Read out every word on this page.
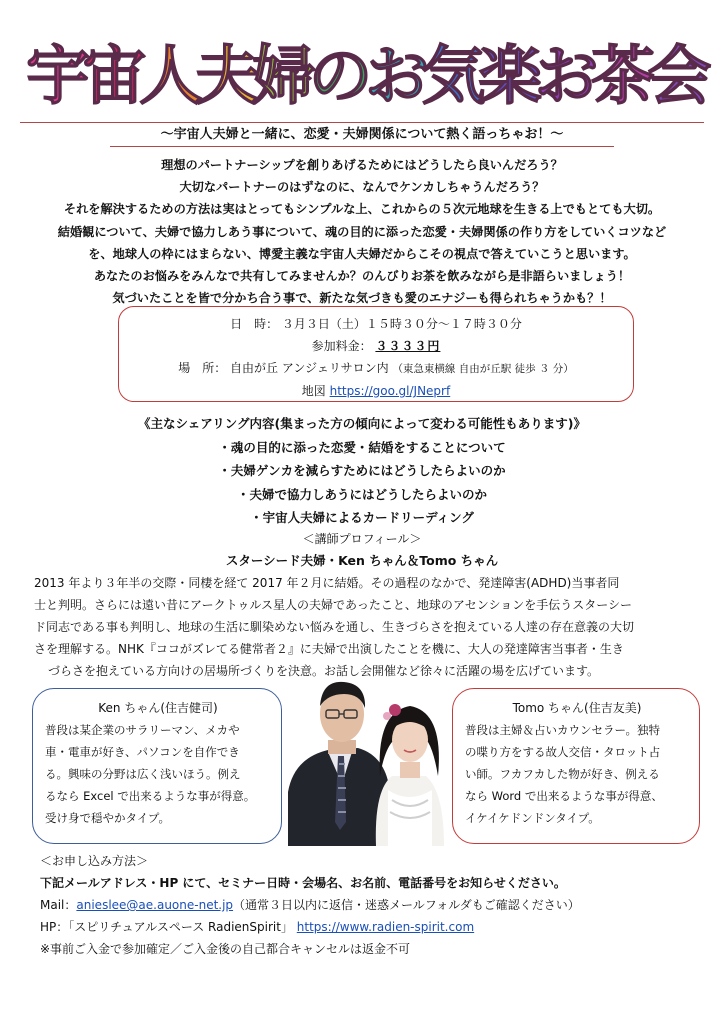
宇
宙
人
夫
婦
の
お
気
楽
お
茶
会
～宇宙人夫婦と一緒に、恋愛・夫婦関係について熱く語っちゃお！～
理想のパートナーシップを創りあげるためにはどうしたら良いんだろう？
大切なパートナーのはずなのに、なんでケンカしちゃうんだろう？
それを解決するための方法は実はとってもシンプルな上、これからの５次元地球を生きる上でもとても大切。
結婚観について、夫婦で協力しあう事について、魂の目的に添った恋愛・夫婦関係の作り方をしていくコツなど
を、地球人の枠にはまらない、博愛主義な宇宙人夫婦だからこその視点で答えていこうと思います。
あなたのお悩みをみんなで共有してみませんか？のんびりお茶を飲みながら是非語らいましょう！
気づいたことを皆で分かち合う事で、新たな気づきも愛のエナジーも得られちゃうかも？！
日　時： ３月３日（土）１５時３０分～１７時３０分
参加料金： ３３３３円
場　所： 自由が丘 アンジェリサロン内 （東急東横線 自由が丘駅 徒歩 ３ 分）
地図 https://goo.gl/JNeprf
《主なシェアリング内容(集まった方の傾向によって変わる可能性もあります)》
・魂の目的に添った恋愛・結婚をすることについて
・夫婦ゲンカを減らすためにはどうしたらよいのか
・夫婦で協力しあうにはどうしたらよいのか
・宇宙人夫婦によるカードリーディング
＜講師プロフィール＞
スターシード夫婦・Ken ちゃん＆Tomo ちゃん

2013 年より３年半の交際・同棲を経て 2017 年２月に結婚。その過程のなかで、発達障害(ADHD)当事者同

士と判明。さらには遠い昔にアークトゥルス星人の夫婦であったこと、地球のアセンションを手伝うスターシー

ド同志である事も判明し、地球の生活に馴染めない悩みを通し、生きづらさを抱えている人達の存在意義の大切

さを理解する。NHK『ココがズレてる健常者２』に夫婦で出演したことを機に、大人の発達障害当事者・生き

づらさを抱えている方向けの居場所づくりを決意。お話し会開催など徐々に活躍の場を広げています。

Ken ちゃん(住吉健司)
普段は某企業のサラリーマン、メカや
車・電車が好き、パソコンを自作でき
る。興味の分野は広く浅いほう。例え
るなら Excel で出来るような事が得意。
受け身で穏やかタイプ。
Tomo ちゃん(住吉友美)
普段は主婦＆占いカウンセラー。独特
の喋り方をする故人交信・タロット占
い師。フカフカした物が好き、例える
なら Word で出来るような事が得意、
イケイケドンドンタイプ。
＜お申し込み方法＞
下記メールアドレス・HP にて、セミナー日時・会場名、お名前、電話番号をお知らせください。
Mail：anieslee@ae.auone-net.jp（通常３日以内に返信・迷惑メールフォルダもご確認ください）
HP：「スピリチュアルスペース RadienSpirit」 https://www.radien-spirit.com
※事前ご入金で参加確定／ご入金後の自己都合キャンセルは返金不可
